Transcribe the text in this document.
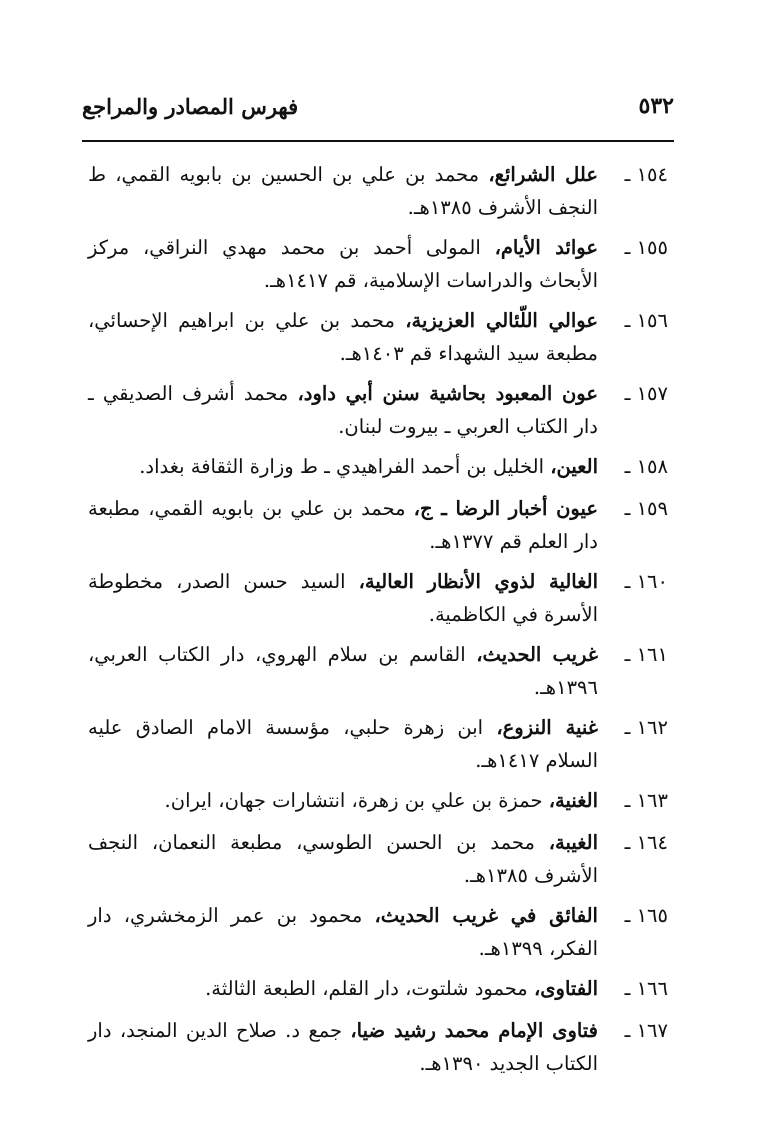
٥٣٢
فهرس المصادر والمراجع
١٥٤ ـ
علل الشرائع، محمد بن علي بن الحسين بن بابويه القمي، ط النجف الأشرف ١٣٨٥هـ.
١٥٥ ـ
عوائد الأيام، المولى أحمد بن محمد مهدي النراقي، مركز الأبحاث والدراسات الإسلامية، قم ١٤١٧هـ.
١٥٦ ـ
عوالي اللّئالي العزيزية، محمد بن علي بن ابراهيم الإحسائي، مطبعة سيد الشهداء قم ١٤٠٣هـ.
١٥٧ ـ
عون المعبود بحاشية سنن أبي داود، محمد أشرف الصديقي ـ دار الكتاب العربي ـ بيروت لبنان.
١٥٨ ـ
العين، الخليل بن أحمد الفراهيدي ـ ط وزارة الثقافة بغداد.
١٥٩ ـ
عيون أخبار الرضا ـ ج، محمد بن علي بن بابويه القمي، مطبعة دار العلم قم ١٣٧٧هـ.
١٦٠ ـ
الغالية لذوي الأنظار العالية، السيد حسن الصدر، مخطوطة الأسرة في الكاظمية.
١٦١ ـ
غريب الحديث، القاسم بن سلام الهروي، دار الكتاب العربي، ١٣٩٦هـ.
١٦٢ ـ
غنية النزوع، ابن زهرة حلبي، مؤسسة الامام الصادق عليه السلام ١٤١٧هـ.
١٦٣ ـ
الغنية، حمزة بن علي بن زهرة، انتشارات جهان، ايران.
١٦٤ ـ
الغيبة، محمد بن الحسن الطوسي، مطبعة النعمان، النجف الأشرف ١٣٨٥هـ.
١٦٥ ـ
الفائق في غريب الحديث، محمود بن عمر الزمخشري، دار الفكر، ١٣٩٩هـ.
١٦٦ ـ
الفتاوى، محمود شلتوت، دار القلم، الطبعة الثالثة.
١٦٧ ـ
فتاوى الإمام محمد رشيد ضيا، جمع د. صلاح الدين المنجد، دار الكتاب الجديد ١٣٩٠هـ.
